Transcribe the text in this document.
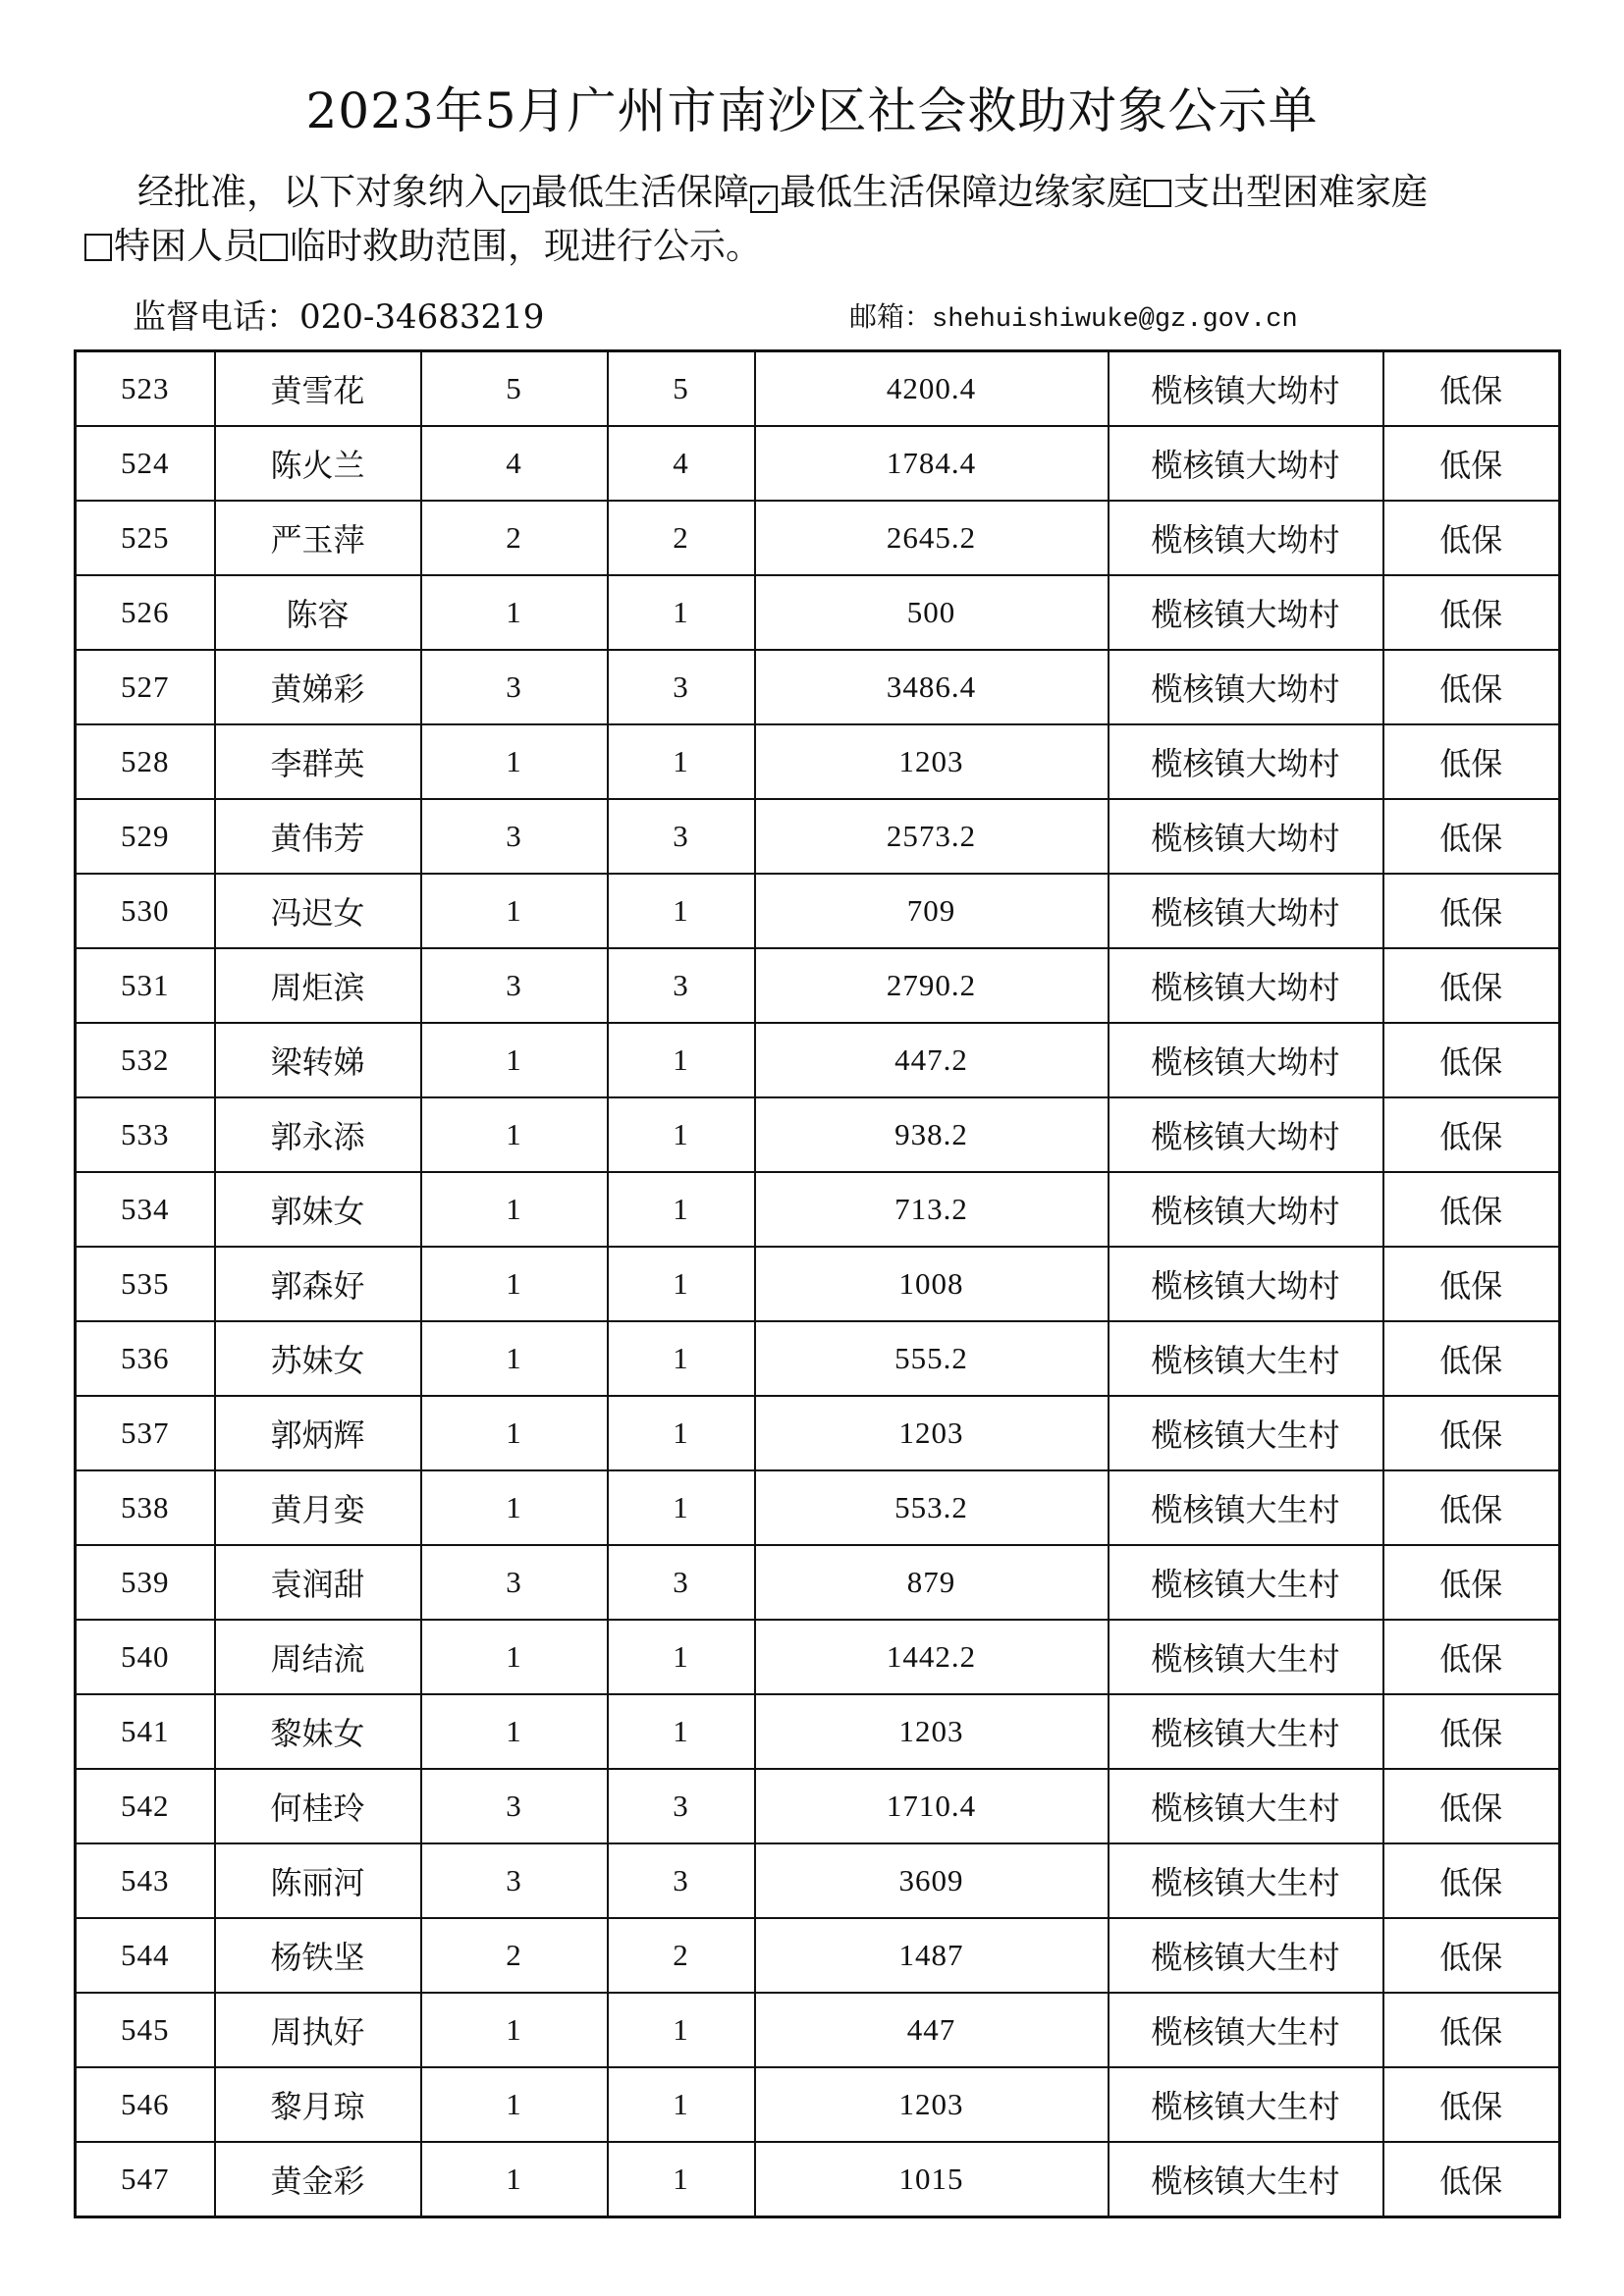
2023年5月广州市南沙区社会救助对象公示单
经批准，以下对象纳入 ✓ 最低生活保障 ✓ 最低生活保障边缘家庭 支出型困难家庭
特困人员 临时救助范围，现进行公示。
监督电话：020-34683219	邮箱：shehuishiwuke@gz.gov.cn
523	黄雪花	5	5	4200.4	榄核镇大坳村	低保
524	陈火兰	4	4	1784.4	榄核镇大坳村	低保
525	严玉萍	2	2	2645.2	榄核镇大坳村	低保
526	陈容	1	1	500	榄核镇大坳村	低保
527	黄娣彩	3	3	3486.4	榄核镇大坳村	低保
528	李群英	1	1	1203	榄核镇大坳村	低保
529	黄伟芳	3	3	2573.2	榄核镇大坳村	低保
530	冯迟女	1	1	709	榄核镇大坳村	低保
531	周炬滨	3	3	2790.2	榄核镇大坳村	低保
532	梁转娣	1	1	447.2	榄核镇大坳村	低保
533	郭永添	1	1	938.2	榄核镇大坳村	低保
534	郭妹女	1	1	713.2	榄核镇大坳村	低保
535	郭森好	1	1	1008	榄核镇大坳村	低保
536	苏妹女	1	1	555.2	榄核镇大生村	低保
537	郭炳辉	1	1	1203	榄核镇大生村	低保
538	黄月娈	1	1	553.2	榄核镇大生村	低保
539	袁润甜	3	3	879	榄核镇大生村	低保
540	周结流	1	1	1442.2	榄核镇大生村	低保
541	黎妹女	1	1	1203	榄核镇大生村	低保
542	何桂玲	3	3	1710.4	榄核镇大生村	低保
543	陈丽河	3	3	3609	榄核镇大生村	低保
544	杨铁坚	2	2	1487	榄核镇大生村	低保
545	周执好	1	1	447	榄核镇大生村	低保
546	黎月琼	1	1	1203	榄核镇大生村	低保
547	黄金彩	1	1	1015	榄核镇大生村	低保
